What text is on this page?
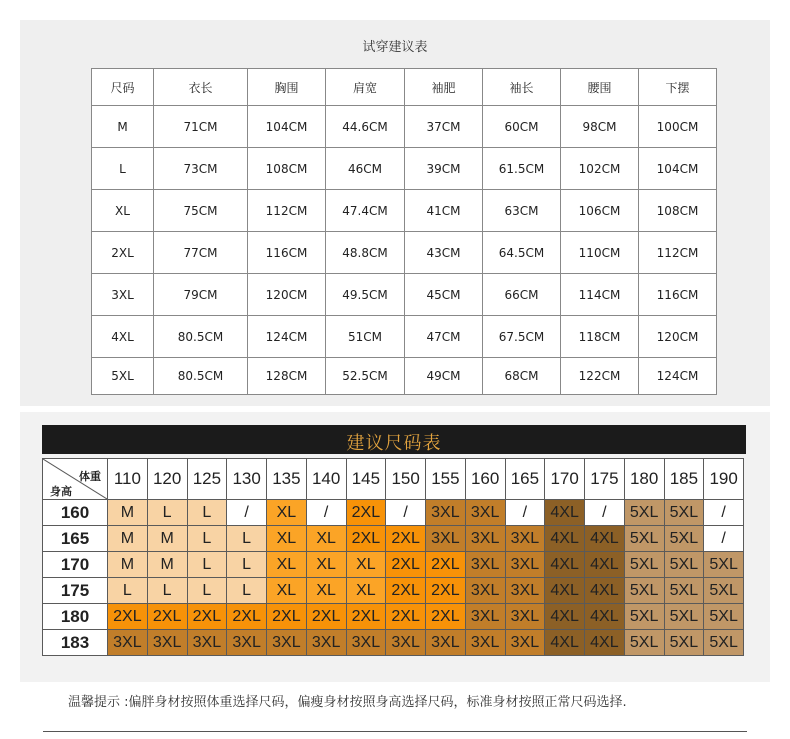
试穿建议表
尺码	衣长	胸围	肩宽	袖肥	袖长	腰围	下摆
M	71CM	104CM	44.6CM	37CM	60CM	98CM	100CM
L	73CM	108CM	46CM	39CM	61.5CM	102CM	104CM
XL	75CM	112CM	47.4CM	41CM	63CM	106CM	108CM
2XL	77CM	116CM	48.8CM	43CM	64.5CM	110CM	112CM
3XL	79CM	120CM	49.5CM	45CM	66CM	114CM	116CM
4XL	80.5CM	124CM	51CM	47CM	67.5CM	118CM	120CM
5XL	80.5CM	128CM	52.5CM	49CM	68CM	122CM	124CM
建议尺码表
体重
身高	110	120	125	130	135	140	145	150	155	160	165	170	175	180	185	190
160	M	L	L	/	XL	/	2XL	/	3XL	3XL	/	4XL	/	5XL	5XL	/
165	M	M	L	L	XL	XL	2XL	2XL	3XL	3XL	3XL	4XL	4XL	5XL	5XL	/
170	M	M	L	L	XL	XL	XL	2XL	2XL	3XL	3XL	4XL	4XL	5XL	5XL	5XL
175	L	L	L	L	XL	XL	XL	2XL	2XL	3XL	3XL	4XL	4XL	5XL	5XL	5XL
180	2XL	2XL	2XL	2XL	2XL	2XL	2XL	2XL	2XL	3XL	3XL	4XL	4XL	5XL	5XL	5XL
183	3XL	3XL	3XL	3XL	3XL	3XL	3XL	3XL	3XL	3XL	3XL	4XL	4XL	5XL	5XL	5XL
温馨提示 :偏胖身材按照体重选择尺码，偏瘦身材按照身高选择尺码，标准身材按照正常尺码选择.
